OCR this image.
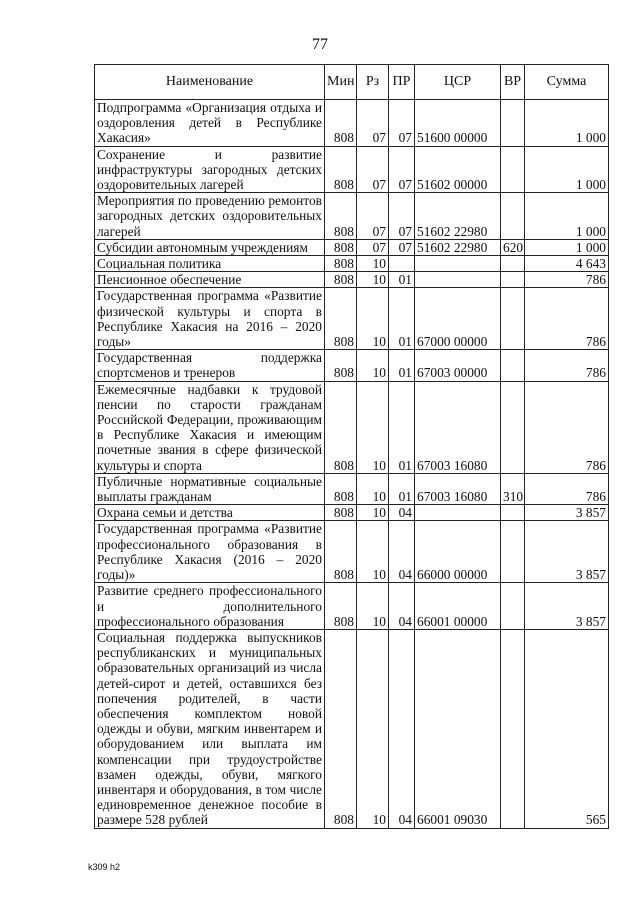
77
Наименование	Мин	Рз	ПР	ЦСР	ВР	Сумма
Подпрограмма «Организация отдыха и оздоровления детей в Республике Хакасия»	808	07	07	51600 00000		1 000
Сохранение и развитие инфраструктуры загородных детских оздоровительных лагерей	808	07	07	51602 00000		1 000
Мероприятия по проведению ремонтов загородных детских оздоровительных лагерей	808	07	07	51602 22980		1 000
Субсидии автономным учреждениям	808	07	07	51602 22980	620	1 000
Социальная политика	808	10				4 643
Пенсионное обеспечение	808	10	01			786
Государственная программа «Развитие физической культуры и спорта в Республике Хакасия на 2016 – 2020 годы»	808	10	01	67000 00000		786
Государственная поддержка спортсменов и тренеров	808	10	01	67003 00000		786
Ежемесячные надбавки к трудовой пенсии по старости гражданам Российской Федерации, проживающим в Республике Хакасия и имеющим почетные звания в сфере физической культуры и спорта	808	10	01	67003 16080		786
Публичные нормативные социальные выплаты гражданам	808	10	01	67003 16080	310	786
Охрана семьи и детства	808	10	04			3 857
Государственная программа «Развитие профессионального образования в Республике Хакасия (2016 – 2020 годы)»	808	10	04	66000 00000		3 857
Развитие среднего профессионального и дополнительного профессионального образования	808	10	04	66001 00000		3 857
Социальная поддержка выпускников республиканских и муниципальных образовательных организаций из числа детей-сирот и детей, оставшихся без попечения родителей, в части обеспечения комплектом новой одежды и обуви, мягким инвентарем и оборудованием или выплата им компенсации при трудоустройстве взамен одежды, обуви, мягкого инвентаря и оборудования, в том числе единовременное денежное пособие в размере 528 рублей	808	10	04	66001 09030		565
k309 h2
